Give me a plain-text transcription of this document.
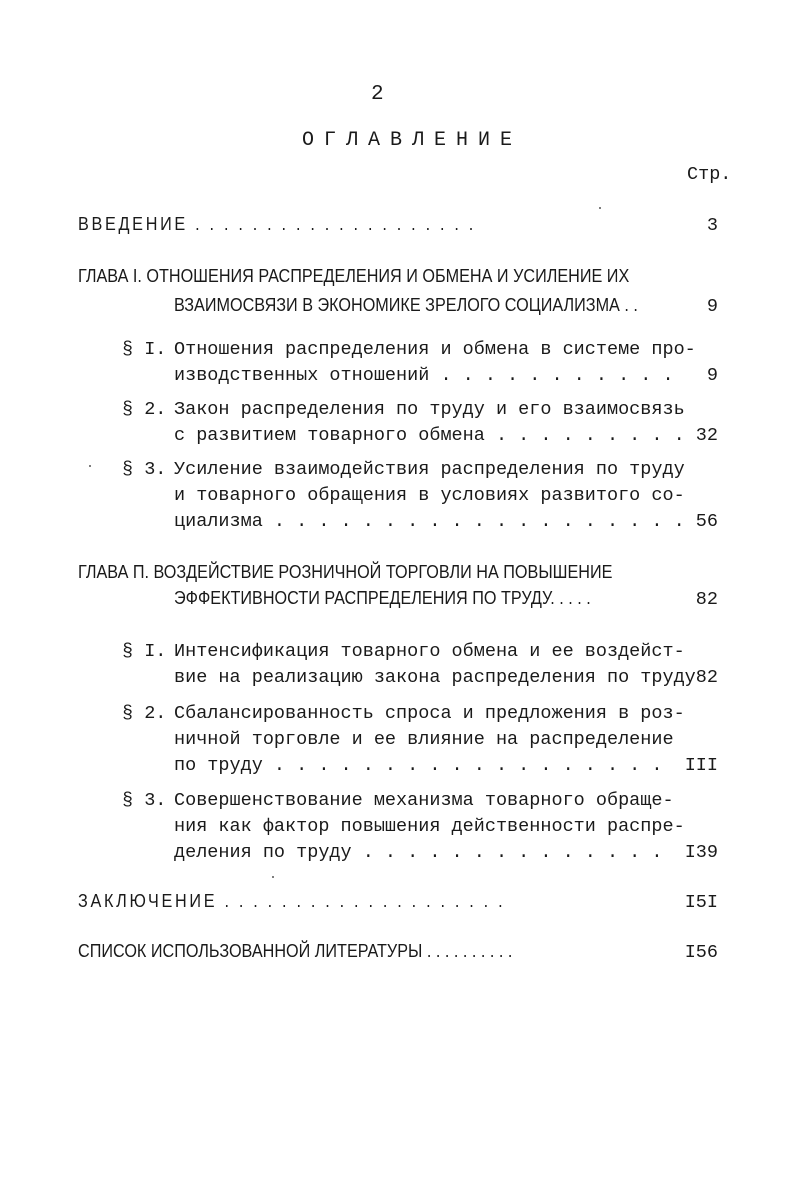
2
ОГЛАВЛЕНИЕ
Стр.
ВВЕДЕНИЕ . . . . . . . . . . . . . . . . . . . .	3
ГЛАВА I. ОТНОШЕНИЯ РАСПРЕДЕЛЕНИЯ И ОБМЕНА И УСИЛЕНИЕ ИХ
ВЗАИМОСВЯЗИ В ЭКОНОМИКЕ ЗРЕЛОГО СОЦИАЛИЗМА . .	9
§ I. Отношения распределения и обмена в системе про-
изводственных отношений . . . . . . . . . . .	9
§ 2. Закон распределения по труду и его взаимосвязь
с развитием товарного обмена . . . . . . . . . 32
§ 3. Усиление взаимодействия распределения по труду
и товарного обращения в условиях развитого со-
циализма . . . . . . . . . . . . . . . . . . . 56
ГЛАВА П. ВОЗДЕЙСТВИЕ РОЗНИЧНОЙ ТОРГОВЛИ НА ПОВЫШЕНИЕ
ЭФФЕКТИВНОСТИ РАСПРЕДЕЛЕНИЯ ПО ТРУДУ. . . . .	82
§ I. Интенсификация товарного обмена и ее воздейст-
вие на реализацию закона распределения по труду 82
§ 2. Сбалансированность спроса и предложения в роз-
ничной торговле и ее влияние на распределение
по труду . . . . . . . . . . . . . . . . . .	III
§ 3. Совершенствование механизма товарного обраще-
ния как фактор повышения действенности распре-
деления по труду . . . . . . . . . . . . . .	I39
ЗАКЛЮЧЕНИЕ . . . . . . . . . . . . . . . . . . . .	I5I
СПИСОК ИСПОЛЬЗОВАННОЙ ЛИТЕРАТУРЫ . . . . . . . . . .	I56
